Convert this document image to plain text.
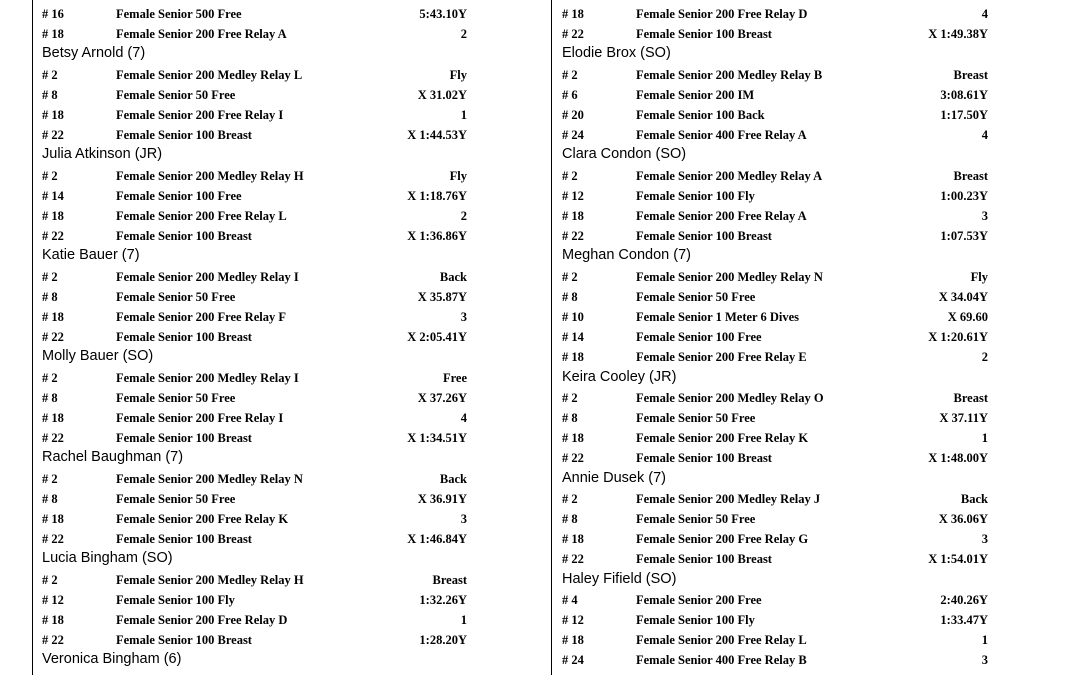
# 16	Female Senior 500 Free	5:43.10Y
# 18	Female Senior 200 Free Relay A	2
Betsy Arnold (7)
# 2	Female Senior 200 Medley Relay L	Fly
# 8	Female Senior 50 Free	X 31.02Y
# 18	Female Senior 200 Free Relay I	1
# 22	Female Senior 100 Breast	X 1:44.53Y
Julia Atkinson (JR)
# 2	Female Senior 200 Medley Relay H	Fly
# 14	Female Senior 100 Free	X 1:18.76Y
# 18	Female Senior 200 Free Relay L	2
# 22	Female Senior 100 Breast	X 1:36.86Y
Katie Bauer (7)
# 2	Female Senior 200 Medley Relay I	Back
# 8	Female Senior 50 Free	X 35.87Y
# 18	Female Senior 200 Free Relay F	3
# 22	Female Senior 100 Breast	X 2:05.41Y
Molly Bauer (SO)
# 2	Female Senior 200 Medley Relay I	Free
# 8	Female Senior 50 Free	X 37.26Y
# 18	Female Senior 200 Free Relay I	4
# 22	Female Senior 100 Breast	X 1:34.51Y
Rachel Baughman (7)
# 2	Female Senior 200 Medley Relay N	Back
# 8	Female Senior 50 Free	X 36.91Y
# 18	Female Senior 200 Free Relay K	3
# 22	Female Senior 100 Breast	X 1:46.84Y
Lucia Bingham (SO)
# 2	Female Senior 200 Medley Relay H	Breast
# 12	Female Senior 100 Fly	1:32.26Y
# 18	Female Senior 200 Free Relay D	1
# 22	Female Senior 100 Breast	1:28.20Y
Veronica Bingham (6)
# 18	Female Senior 200 Free Relay D	4
# 22	Female Senior 100 Breast	X 1:49.38Y
Elodie Brox (SO)
# 2	Female Senior 200 Medley Relay B	Breast
# 6	Female Senior 200 IM	3:08.61Y
# 20	Female Senior 100 Back	1:17.50Y
# 24	Female Senior 400 Free Relay A	4
Clara Condon (SO)
# 2	Female Senior 200 Medley Relay A	Breast
# 12	Female Senior 100 Fly	1:00.23Y
# 18	Female Senior 200 Free Relay A	3
# 22	Female Senior 100 Breast	1:07.53Y
Meghan Condon (7)
# 2	Female Senior 200 Medley Relay N	Fly
# 8	Female Senior 50 Free	X 34.04Y
# 10	Female Senior 1 Meter 6 Dives	X 69.60
# 14	Female Senior 100 Free	X 1:20.61Y
# 18	Female Senior 200 Free Relay E	2
Keira Cooley (JR)
# 2	Female Senior 200 Medley Relay O	Breast
# 8	Female Senior 50 Free	X 37.11Y
# 18	Female Senior 200 Free Relay K	1
# 22	Female Senior 100 Breast	X 1:48.00Y
Annie Dusek (7)
# 2	Female Senior 200 Medley Relay J	Back
# 8	Female Senior 50 Free	X 36.06Y
# 18	Female Senior 200 Free Relay G	3
# 22	Female Senior 100 Breast	X 1:54.01Y
Haley Fifield (SO)
# 4	Female Senior 200 Free	2:40.26Y
# 12	Female Senior 100 Fly	1:33.47Y
# 18	Female Senior 200 Free Relay L	1
# 24	Female Senior 400 Free Relay B	3
